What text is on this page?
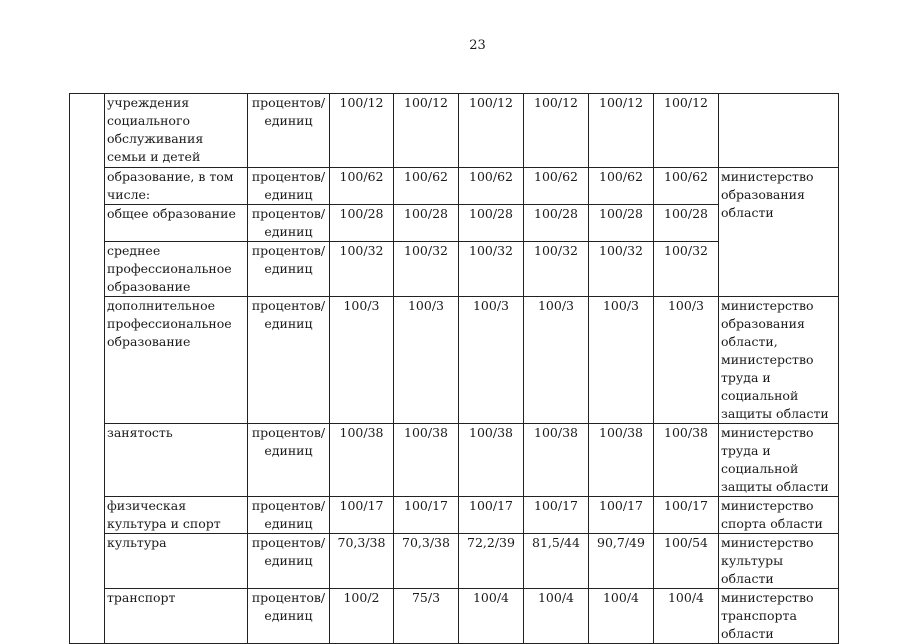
23
	учреждения социального обслуживания семьи и детей	процентов/ единиц	100/12	100/12	100/12	100/12	100/12	100/12	
	образование, в том числе:	процентов/ единиц	100/62	100/62	100/62	100/62	100/62	100/62	министерство образования области
	общее образование	процентов/ единиц	100/28	100/28	100/28	100/28	100/28	100/28	
	среднее профессиональное образование	процентов/ единиц	100/32	100/32	100/32	100/32	100/32	100/32	
	дополнительное профессиональное образование	процентов/ единиц	100/3	100/3	100/3	100/3	100/3	100/3	министерство образования области, министерство труда и социальной защиты области
	занятость	процентов/ единиц	100/38	100/38	100/38	100/38	100/38	100/38	министерство труда и социальной защиты области
	физическая культура и спорт	процентов/ единиц	100/17	100/17	100/17	100/17	100/17	100/17	министерство спорта области
	культура	процентов/ единиц	70,3/38	70,3/38	72,2/39	81,5/44	90,7/49	100/54	министерство культуры области
	транспорт	процентов/ единиц	100/2	75/3	100/4	100/4	100/4	100/4	министерство транспорта области
